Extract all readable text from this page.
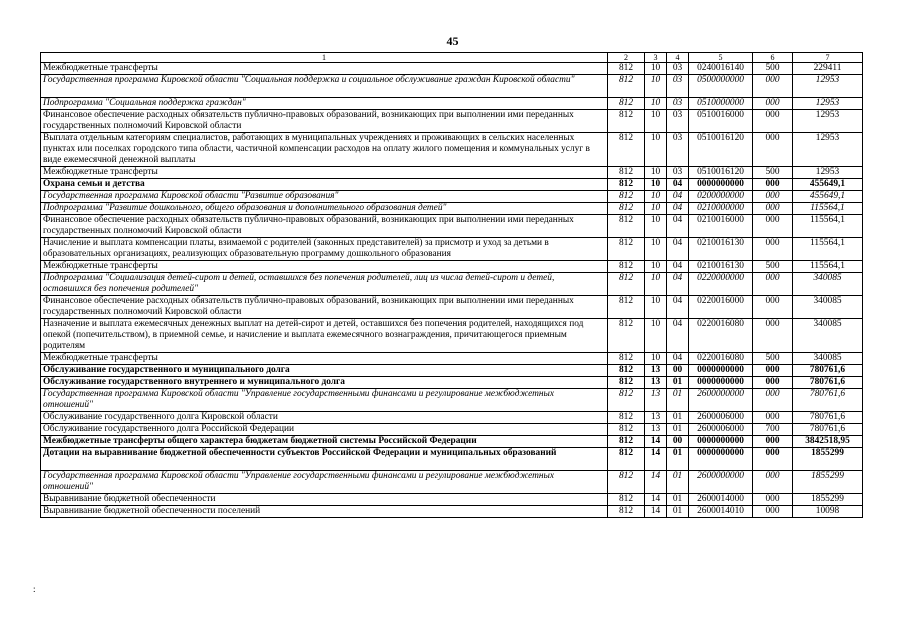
45
1	2	3	4	5	6	7
Межбюджетные трансферты	812	10	03	0240016140	500	229411
Государственная программа Кировской области "Социальная поддержка и социальное обслуживание граждан Кировской области"	812	10	03	0500000000	000	12953
Подпрограмма "Социальная поддержка граждан"	812	10	03	0510000000	000	12953
Финансовое обеспечение расходных обязательств публично-правовых образований, возникающих при выполнении ими переданных государственных полномочий Кировской области	812	10	03	0510016000	000	12953
Выплата отдельным категориям специалистов, работающих в муниципальных учреждениях и проживающих в сельских населенных пунктах или поселках городского типа области, частичной компенсации расходов на оплату жилого помещения и коммунальных услуг в виде ежемесячной денежной выплаты	812	10	03	0510016120	000	12953
Межбюджетные трансферты	812	10	03	0510016120	500	12953
Охрана семьи и детства	812	10	04	0000000000	000	455649,1
Государственная программа Кировской области "Развитие образования"	812	10	04	0200000000	000	455649,1
Подпрограмма "Развитие дошкольного, общего образования и дополнительного образования детей"	812	10	04	0210000000	000	115564,1
Финансовое обеспечение расходных обязательств публично-правовых образований, возникающих при выполнении ими переданных государственных полномочий Кировской области	812	10	04	0210016000	000	115564,1
Начисление и выплата компенсации платы, взимаемой с родителей (законных представителей) за присмотр и уход за детьми в образовательных организациях, реализующих образовательную программу дошкольного образования	812	10	04	0210016130	000	115564,1
Межбюджетные трансферты	812	10	04	0210016130	500	115564,1
Подпрограмма "Социализация детей-сирот и детей, оставшихся без попечения родителей, лиц из числа детей-сирот и детей, оставшихся без попечения родителей"	812	10	04	0220000000	000	340085
Финансовое обеспечение расходных обязательств публично-правовых образований, возникающих при выполнении ими переданных государственных полномочий Кировской области	812	10	04	0220016000	000	340085
Назначение и выплата ежемесячных денежных выплат на детей-сирот и детей, оставшихся без попечения родителей, находящихся под опекой (попечительством), в приемной семье, и начисление и выплата ежемесячного вознаграждения, причитающегося приемным родителям	812	10	04	0220016080	000	340085
Межбюджетные трансферты	812	10	04	0220016080	500	340085
Обслуживание государственного и муниципального долга	812	13	00	0000000000	000	780761,6
Обслуживание государственного внутреннего и муниципального долга	812	13	01	0000000000	000	780761,6
Государственная программа Кировской области "Управление государственными финансами и регулирование межбюджетных отношений"	812	13	01	2600000000	000	780761,6
Обслуживание государственного долга Кировской области	812	13	01	2600006000	000	780761,6
Обслуживание государственного долга Российской Федерации	812	13	01	2600006000	700	780761,6
Межбюджетные трансферты общего характера бюджетам бюджетной системы Российской Федерации	812	14	00	0000000000	000	3842518,95
Дотации на выравнивание бюджетной обеспеченности субъектов Российской Федерации и муниципальных образований	812	14	01	0000000000	000	1855299
Государственная программа Кировской области "Управление государственными финансами и регулирование межбюджетных отношений"	812	14	01	2600000000	000	1855299
Выравнивание бюджетной обеспеченности	812	14	01	2600014000	000	1855299
Выравнивание бюджетной обеспеченности поселений	812	14	01	2600014010	000	10098
:
